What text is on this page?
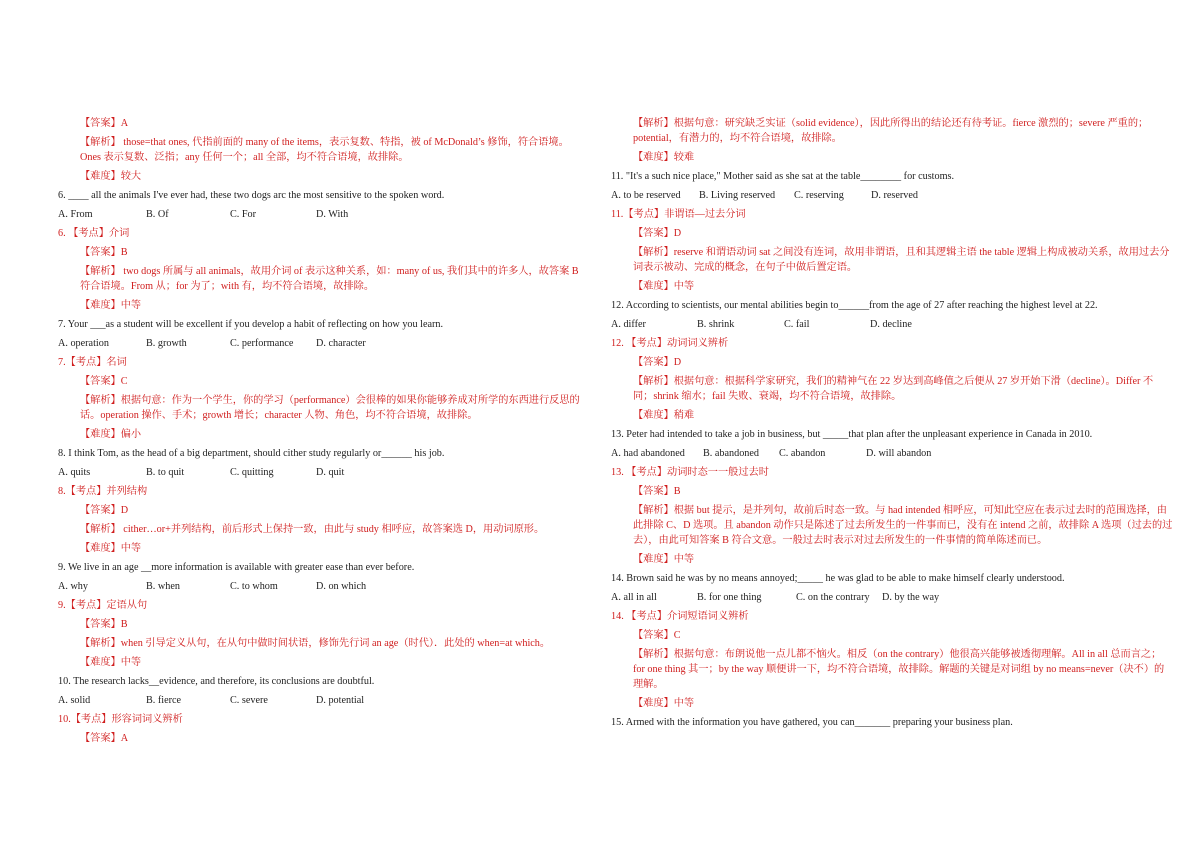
【答案】A
【解析】 those=that ones, 代指前面的 many of the items，表示复数、特指，被 of McDonald’s 修饰，符合语境。Ones 表示复数、泛指；any 任何一个；all 全部，均不符合语境，故排除。
【难度】较大
6. ____ all the animals I've ever had, these two dogs arc the most sensitive to the spoken word.
A. From	B. Of	C. For	D. With
6. 【考点】介词
【答案】B
【解析】 two dogs 所属与 all animals，故用介词 of 表示这种关系，如：many of us, 我们其中的许多人，故答案 B 符合语境。From 从；for 为了；with 有，均不符合语境，故排除。
【难度】中等
7. Your ___as a student will be excellent if you develop a habit of reflecting on how you learn.
A. operation	B. growth	C. performance	D. character
7.【考点】名词
【答案】C
【解析】根据句意：作为一个学生，你的学习（performance）会很棒的如果你能够养成对所学的东西进行反思的话。operation 操作、手术；growth 增长；character 人物、角色，均不符合语境，故排除。
【难度】偏小
8. I think Tom, as the head of a big department, should cither study regularly or______ his job.
A. quits	B. to quit	C. quitting	D. quit
8.【考点】并列结构
【答案】D
【解析】 cither…or+并列结构，前后形式上保持一致，由此与 study 相呼应，故答案选 D，用动词原形。
【难度】中等
9. We live in an age __more information is available with greater ease than ever before.
A. why	B. when	C. to whom	D. on which
9.【考点】定语从句
【答案】B
【解析】when 引导定义从句，在从句中做时间状语，修饰先行词 an age（时代）．此处的 when=at which。
【难度】中等
10. The research lacks__evidence, and therefore, its conclusions are doubtful.
A. solid	B. fierce	C. severe	D. potential
10.【考点】形容词词义辨析
【答案】A
【解析】根据句意：研究缺乏实证（solid evidence），因此所得出的结论还有待考证。fierce 激烈的；severe 严重的；potential，有潜力的，均不符合语境，故排除。
【难度】较难
11. "It's a such nice place," Mother said as she sat at the table________ for customs.
A. to be reserved	B. Living reserved	C. reserving	D. reserved
11.【考点】非谓语—过去分词
【答案】D
【解析】reserve 和谓语动词 sat 之间没有连词，故用非谓语，且和其逻辑主语 the table 逻辑上构成被动关系，故用过去分词表示被动、完成的概念，在句子中做后置定语。
【难度】中等
12. According to scientists, our mental abilities begin to______from the age of 27 after reaching the highest level at 22.
A. differ	B. shrink	C. fail	D. decline
12. 【考点】动词词义辨析
【答案】D
【解析】根据句意：根据科学家研究，我们的精神气在 22 岁达到高峰值之后便从 27 岁开始下滑（decline）。Differ 不同；shrink 缩水；fail 失败、衰竭，均不符合语境，故排除。
【难度】稍难
13. Peter had intended to take a job in business, but _____that plan after the unpleasant experience in Canada in 2010.
A. had abandoned	B. abandoned	C. abandon	D. will abandon
13. 【考点】动词时态一一般过去时
【答案】B
【解析】根据 but 提示，是并列句，故前后时态一致。与 had intended 相呼应，可知此空应在表示过去时的范围选择，由此排除 C、D 选项。且 abandon 动作只是陈述了过去所发生的一件事而已，没有在 intend 之前，故排除 A 选项（过去的过去），由此可知答案 B 符合文意。一般过去时表示对过去所发生的一件事情的简单陈述而已。
【难度】中等
14. Brown said he was by no means annoyed;_____ he was glad to be able to make himself clearly understood.
A. all in all	B. for one thing	C. on the contrary	D. by the way
14. 【考点】介词短语词义辨析
【答案】C
【解析】根据句意：布朗说他一点儿都不恼火。相反（on the contrary）他很高兴能够被透彻理解。All in all 总而言之；for one thing 其一；by the way 顺便讲一下，均不符合语境，故排除。解题的关键是对词组 by no means=never（决不）的理解。
【难度】中等
15. Armed with the information you have gathered, you can_______ preparing your business plan.
